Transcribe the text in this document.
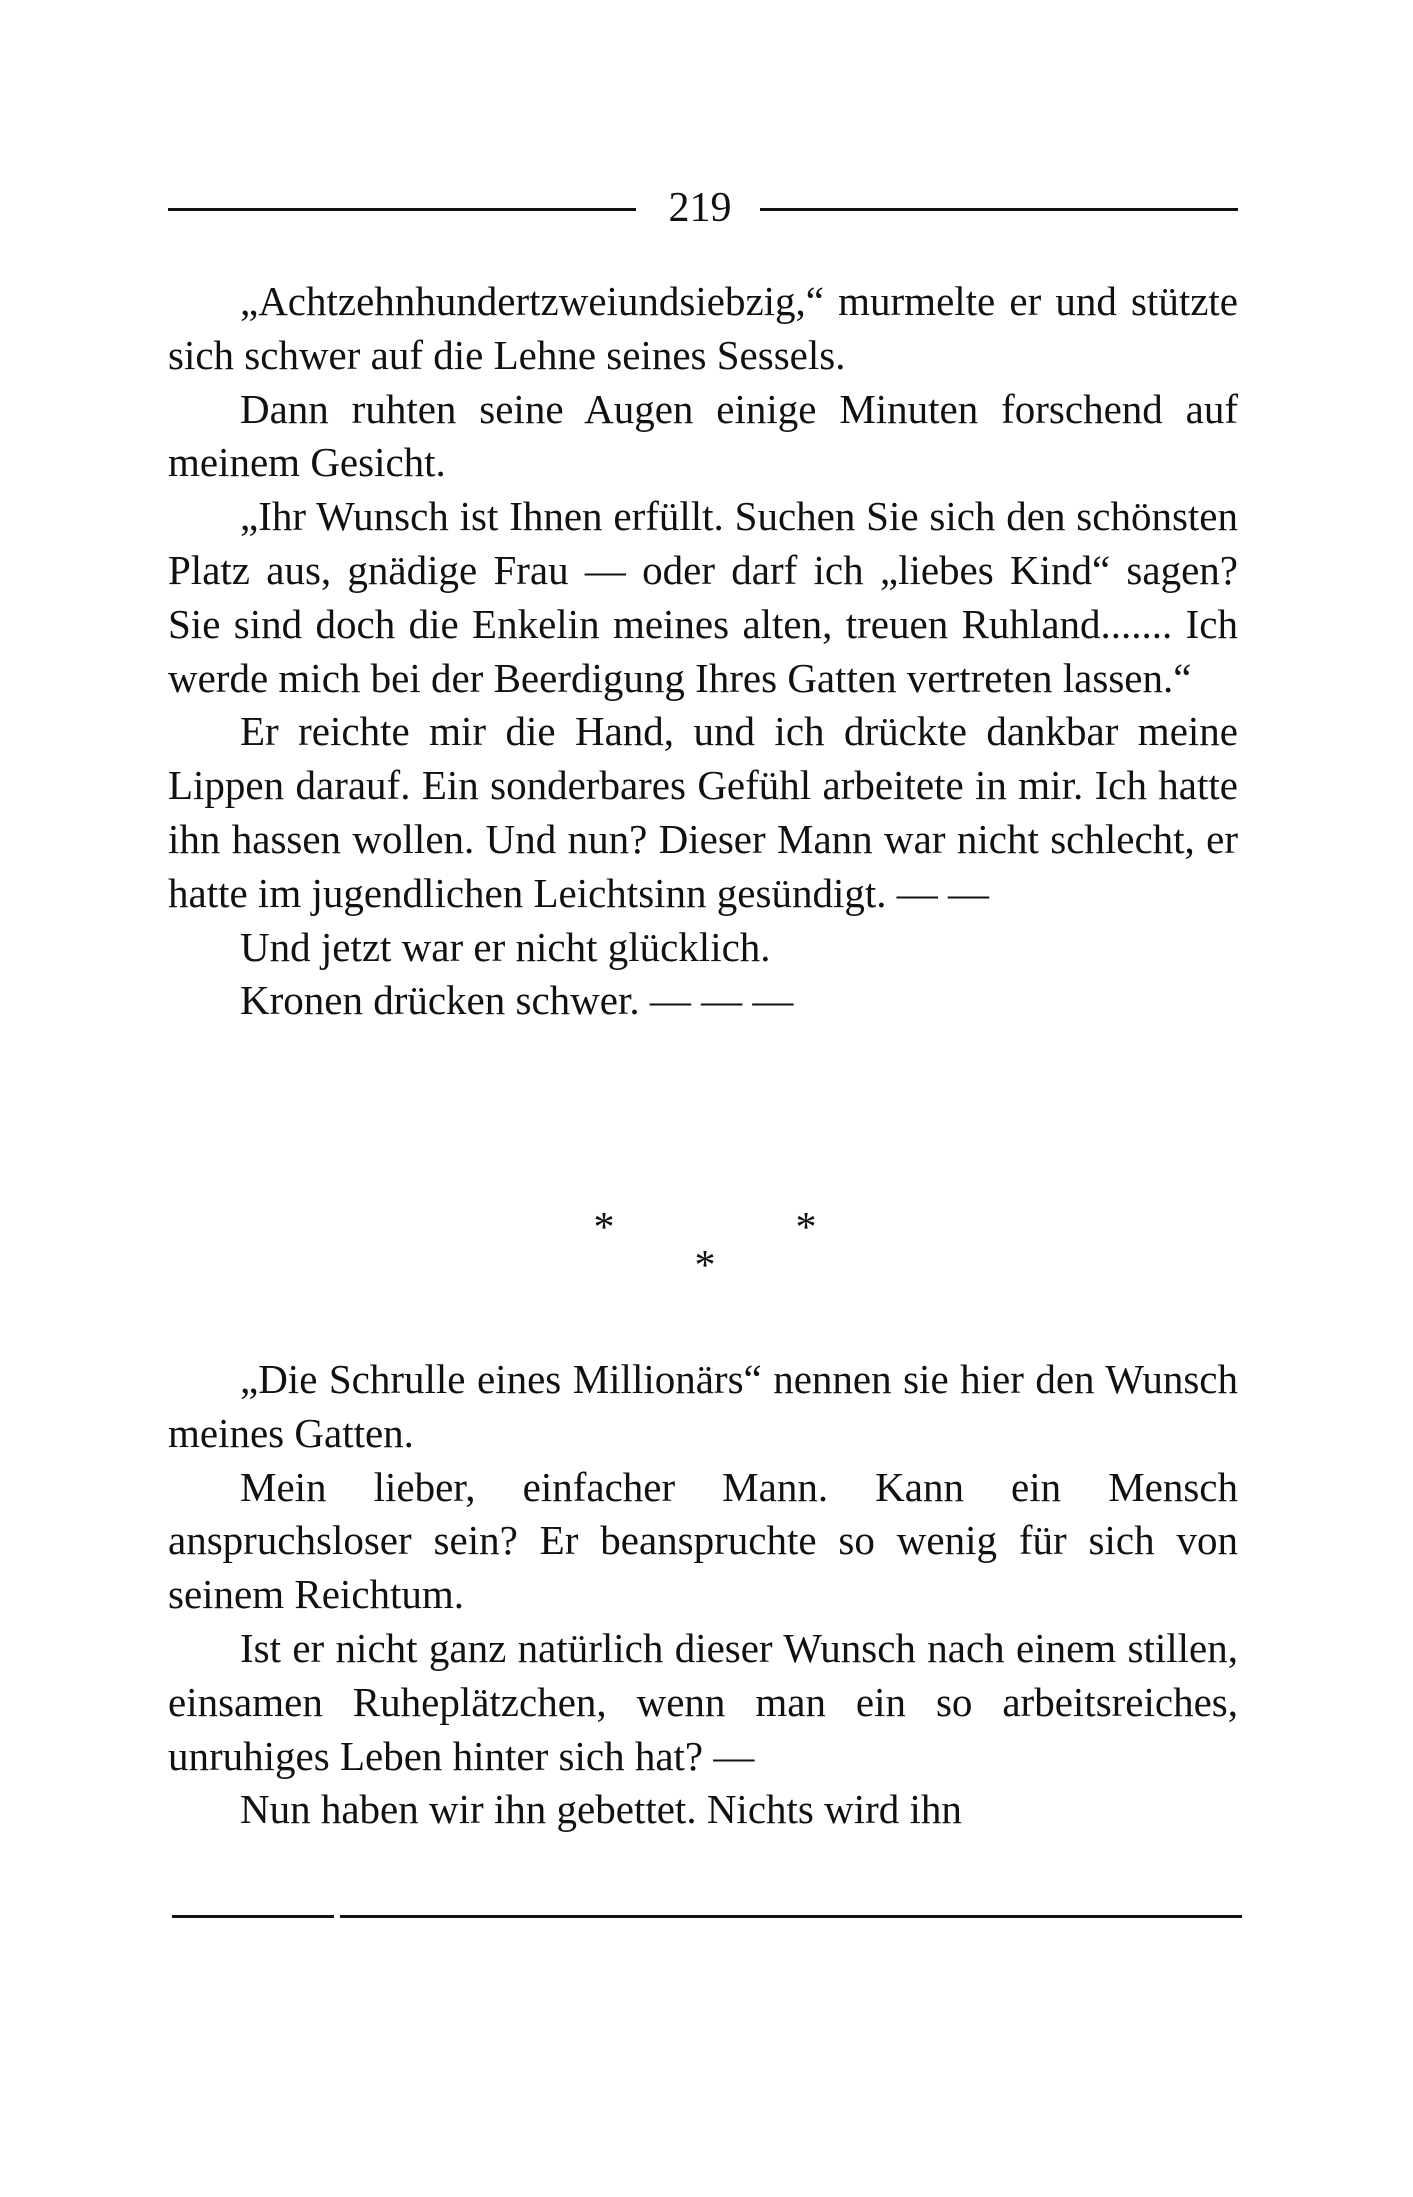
219

„Achtzehnhundertzweiundsiebzig,“ murmelte er und stützte sich schwer auf die Lehne seines Sessels.

Dann ruhten seine Augen einige Minuten forschend auf meinem Gesicht.

„Ihr Wunsch ist Ihnen erfüllt. Suchen Sie sich den schönsten Platz aus, gnädige Frau — oder darf ich „liebes Kind“ sagen? Sie sind doch die Enkelin meines alten, treuen Ruhland....... Ich werde mich bei der Beerdigung Ihres Gatten vertreten lassen.“

Er reichte mir die Hand, und ich drückte dankbar meine Lippen darauf. Ein sonderbares Gefühl arbeitete in mir. Ich hatte ihn hassen wollen. Und nun? Dieser Mann war nicht schlecht, er hatte im jugendlichen Leichtsinn gesündigt. — —

Und jetzt war er nicht glücklich.

Kronen drücken schwer. — — —

*	*
*

„Die Schrulle eines Millionärs“ nennen sie hier den Wunsch meines Gatten.

Mein lieber, einfacher Mann. Kann ein Mensch anspruchsloser sein? Er beanspruchte so wenig für sich von seinem Reichtum.

Ist er nicht ganz natürlich dieser Wunsch nach einem stillen, einsamen Ruheplätzchen, wenn man ein so arbeitsreiches, unruhiges Leben hinter sich hat? —

Nun haben wir ihn gebettet. Nichts wird ihn
